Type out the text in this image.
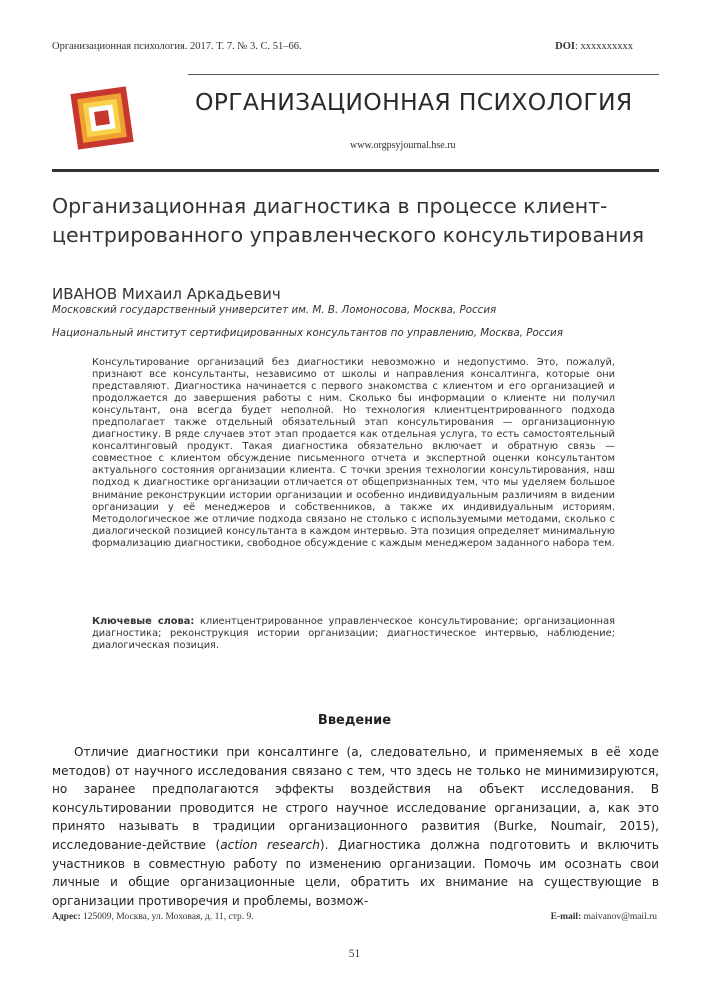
Организационная психология. 2017. Т. 7. № 3. С. 51–66.	DOI: xxxxxxxxxx
ОРГАНИЗАЦИОННАЯ ПСИХОЛОГИЯ
www.orgpsyjournal.hse.ru
Организационная диагностика в процессе клиент-центрированного управленческого консультирования
ИВАНОВ Михаил Аркадьевич
Московский государственный университет им. М. В. Ломоносова, Москва, Россия
Национальный институт сертифицированных консультантов по управлению, Москва, Россия
Консультирование организаций без диагностики невозможно и недопустимо. Это, пожалуй, признают все консультанты, независимо от школы и направления консалтинга, которые они представляют. Диагностика начинается с первого знакомства с клиентом и его организацией и продолжается до завершения работы с ним. Сколько бы информации о клиенте ни получил консультант, она всегда будет неполной. Но технология клиентцентрированного подхода предполагает также отдельный обязательный этап консультирования — организационную диагностику. В ряде случаев этот этап продается как отдельная услуга, то есть самостоятельный консалтинговый продукт. Такая диагностика обязательно включает и обратную связь — совместное с клиентом обсуждение письменного отчета и экспертной оценки консультантом актуального состояния организации клиента. С точки зрения технологии консультирования, наш подход к диагностике организации отличается от общепризнанных тем, что мы уделяем большое внимание реконструкции истории организации и особенно индивидуальным различиям в видении организации у её менеджеров и собственников, а также их индивидуальным историям. Методологическое же отличие подхода связано не столько с используемыми методами, сколько с диалогической позицией консультанта в каждом интервью. Эта позиция определяет минимальную формализацию диагностики, свободное обсуждение с каждым менеджером заданного набора тем.
Ключевые слова: клиентцентрированное управленческое консультирование; организационная диагностика; реконструкция истории организации; диагностическое интервью, наблюдение; диалогическая позиция.
Введение
Отличие диагностики при консалтинге (а, следовательно, и применяемых в её ходе методов) от научного исследования связано с тем, что здесь не только не минимизируются, но заранее предполагаются эффекты воздействия на объект исследования. В консультировании проводится не строго научное исследование организации, а, как это принято называть в традиции организационного развития (Burke, Noumair, 2015), исследование-действие (action research). Диагностика должна подготовить и включить участников в совместную работу по изменению организации. Помочь им осознать свои личные и общие организационные цели, обратить их внимание на существующие в организации противоречия и проблемы, возмож-
Адрес: 125009, Москва, ул. Моховая, д. 11, стр. 9.	E-mail: maivanov@mail.ru
51
